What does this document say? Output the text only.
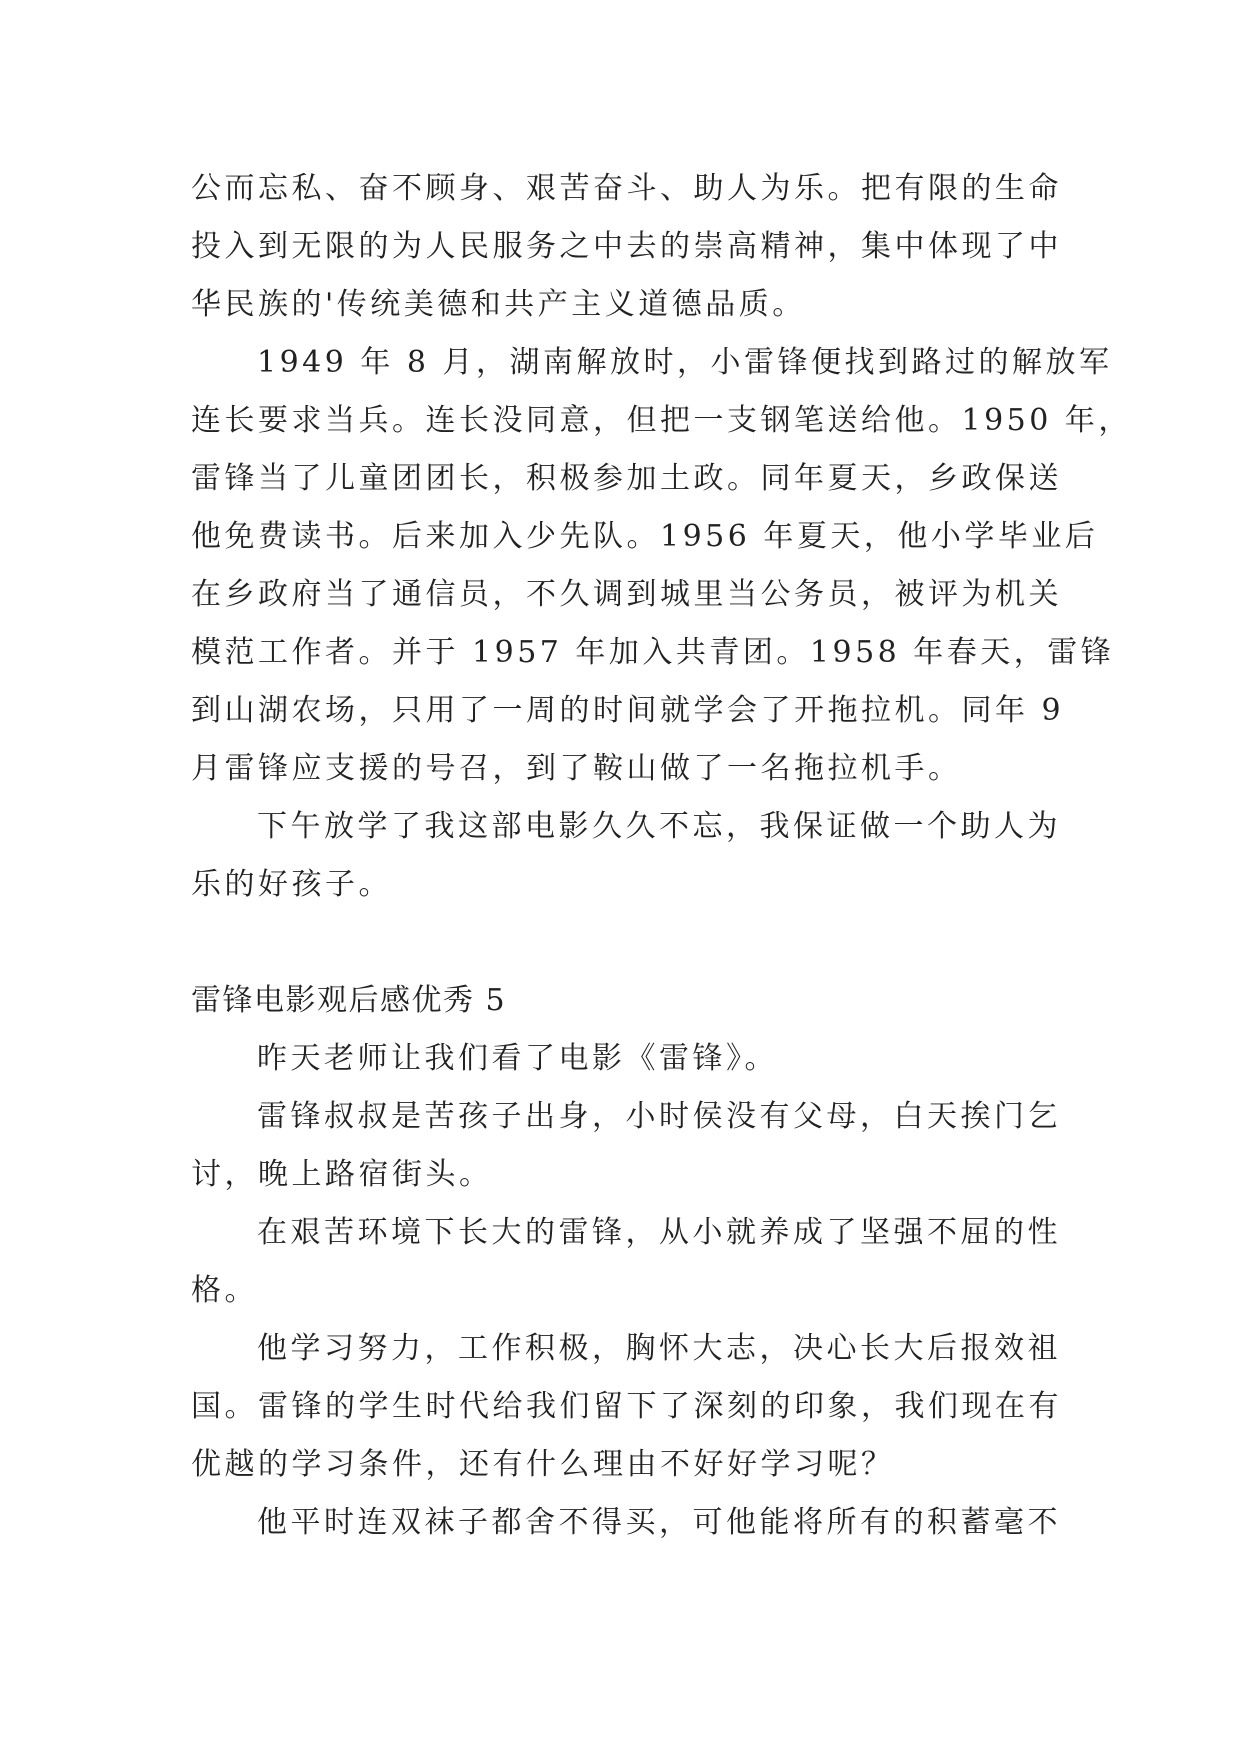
公而忘私、奋不顾身、艰苦奋斗、助人为乐。把有限的生命
投入到无限的为人民服务之中去的崇高精神，集中体现了中
华民族的'传统美德和共产主义道德品质。
1949 年 8 月，湖南解放时，小雷锋便找到路过的解放军
连长要求当兵。连长没同意，但把一支钢笔送给他。1950 年，
雷锋当了儿童团团长，积极参加土政。同年夏天，乡政保送
他免费读书。后来加入少先队。1956 年夏天，他小学毕业后
在乡政府当了通信员，不久调到城里当公务员，被评为机关
模范工作者。并于 1957 年加入共青团。1958 年春天，雷锋
到山湖农场，只用了一周的时间就学会了开拖拉机。同年 9
月雷锋应支援的号召，到了鞍山做了一名拖拉机手。
下午放学了我这部电影久久不忘，我保证做一个助人为
乐的好孩子。
雷锋电影观后感优秀 5
昨天老师让我们看了电影《雷锋》。
雷锋叔叔是苦孩子出身，小时侯没有父母，白天挨门乞
讨，晚上路宿街头。
在艰苦环境下长大的雷锋，从小就养成了坚强不屈的性
格。
他学习努力，工作积极，胸怀大志，决心长大后报效祖
国。雷锋的学生时代给我们留下了深刻的印象，我们现在有
优越的学习条件，还有什么理由不好好学习呢？
他平时连双袜子都舍不得买，可他能将所有的积蓄毫不
